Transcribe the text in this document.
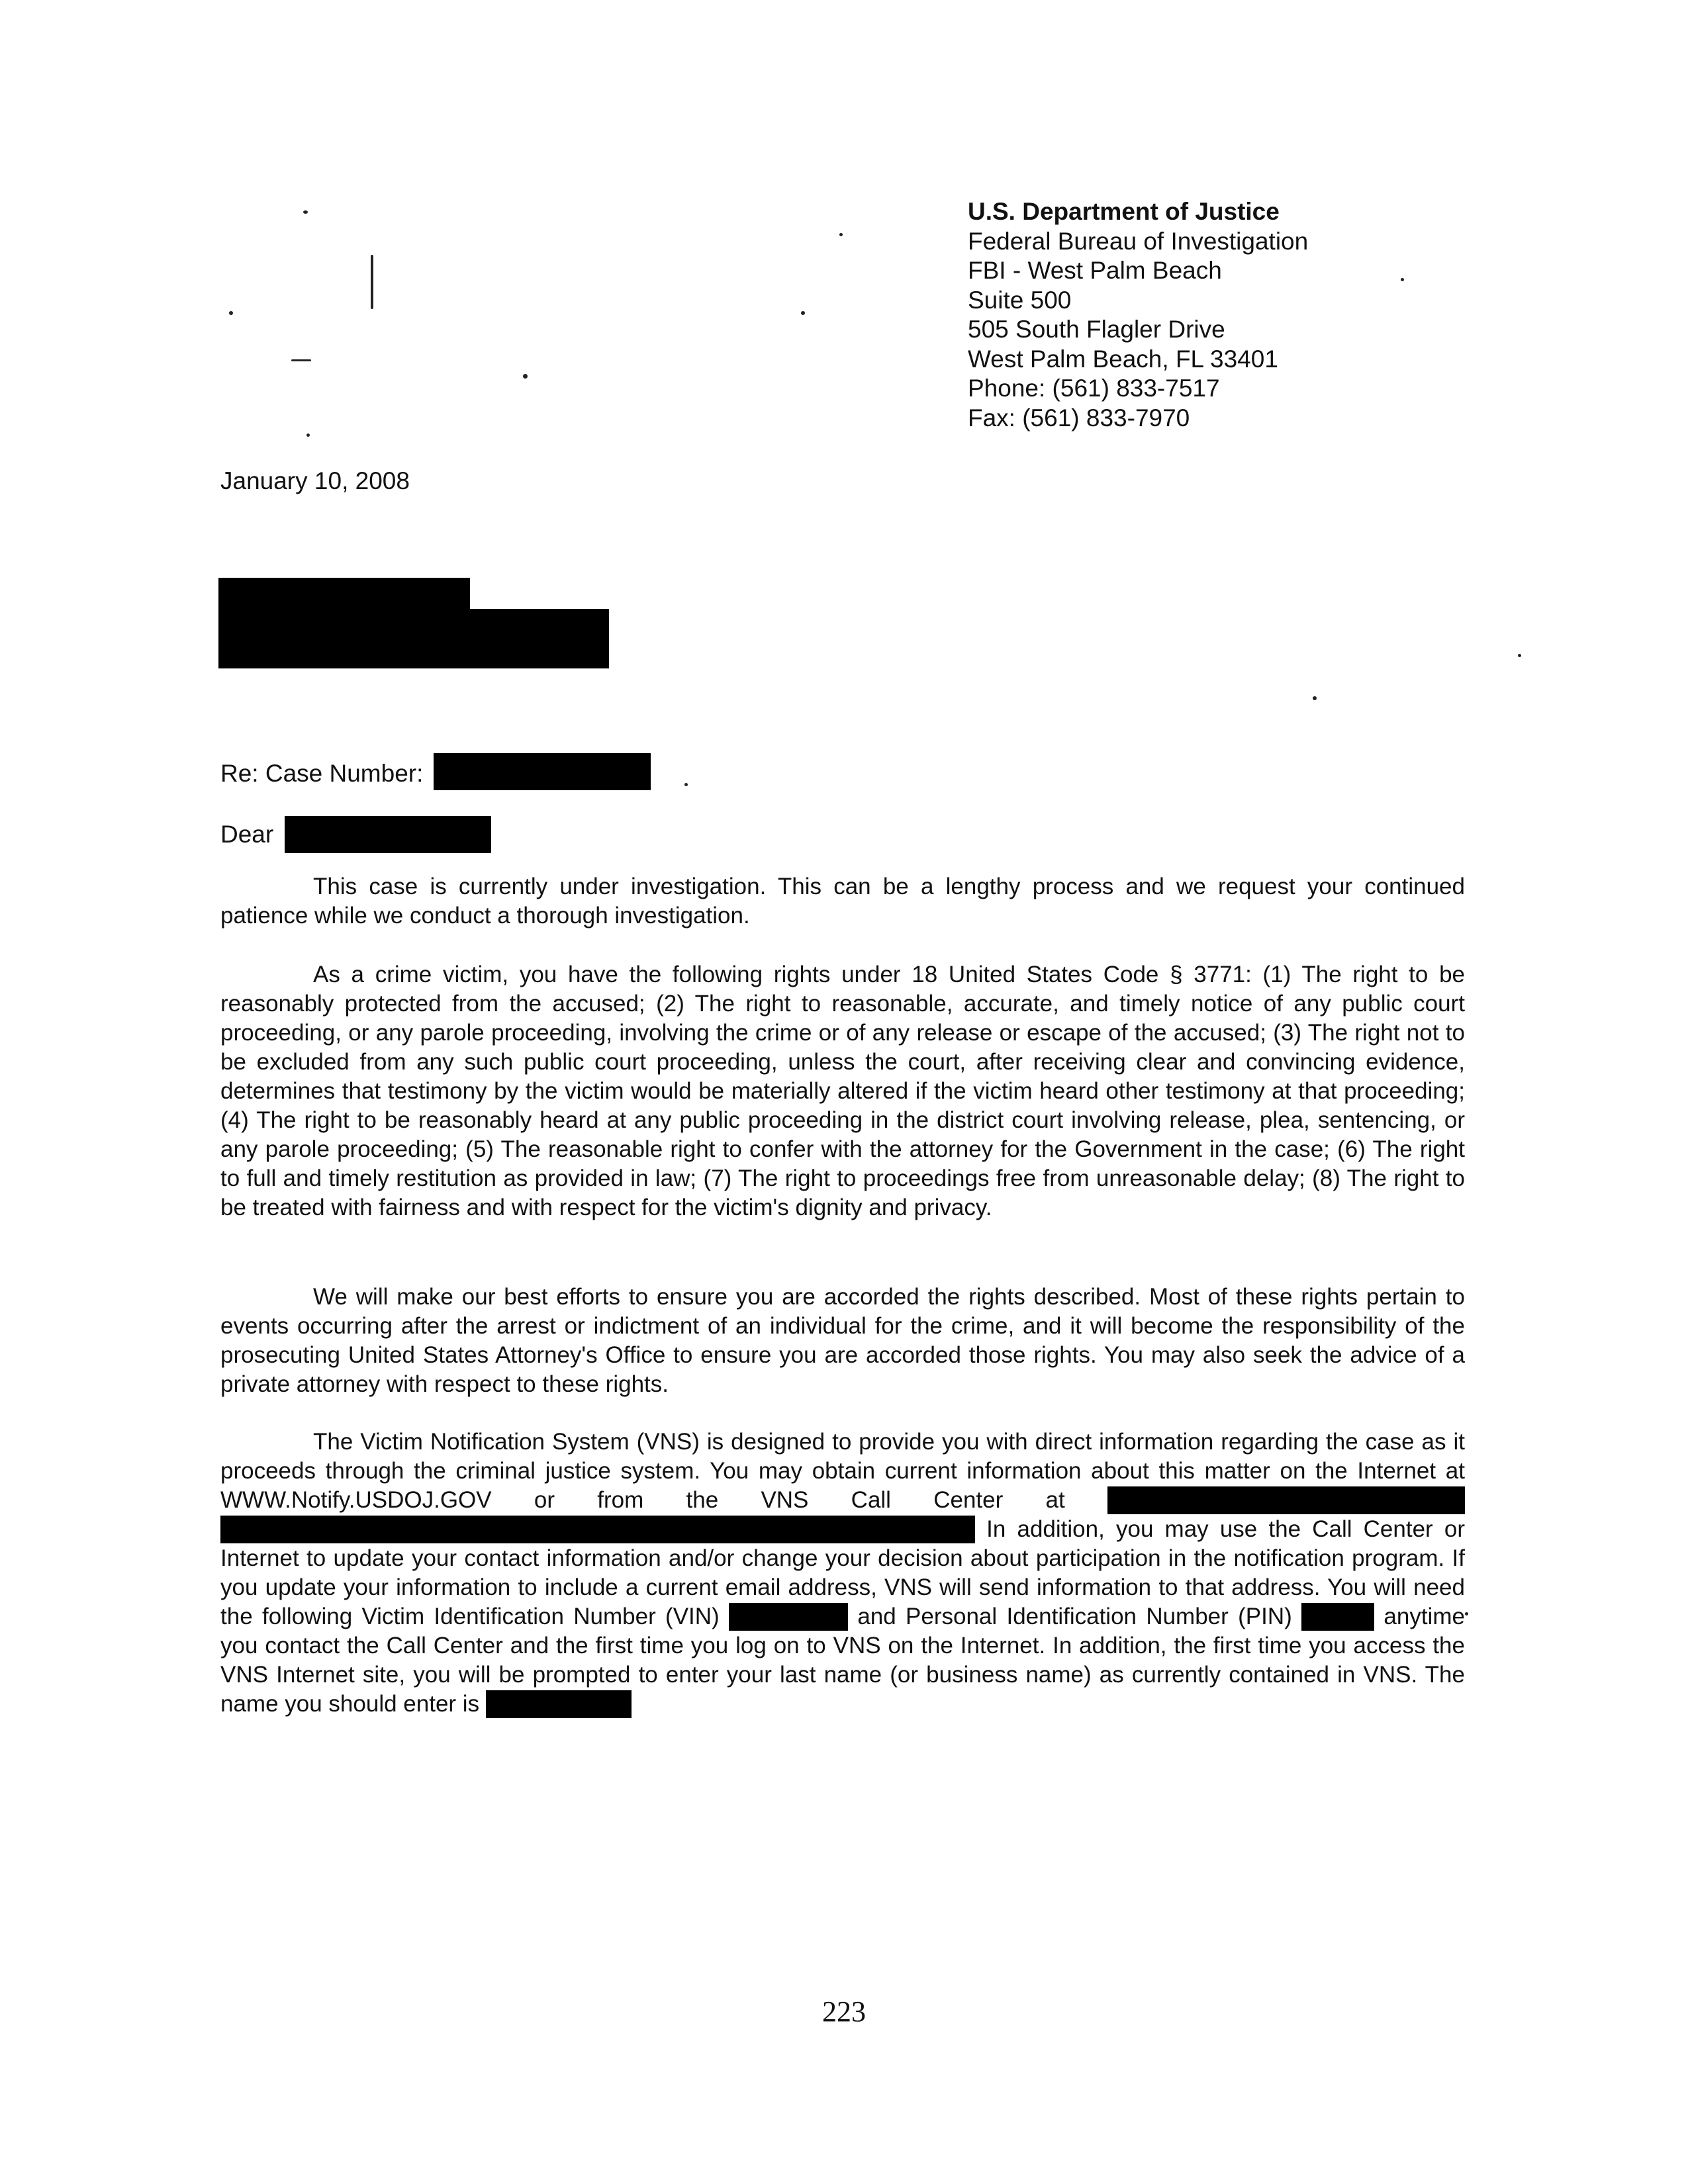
U.S. Department of Justice
Federal Bureau of Investigation
FBI - West Palm Beach
Suite 500
505 South Flagler Drive
West Palm Beach, FL 33401
Phone: (561) 833-7517
Fax: (561) 833-7970
January 10, 2008
Re: Case Number:
Dear
This case is currently under investigation. This can be a lengthy process and we request your continued patience while we conduct a thorough investigation.
As a crime victim, you have the following rights under 18 United States Code § 3771: (1) The right to be reasonably protected from the accused; (2) The right to reasonable, accurate, and timely notice of any public court proceeding, or any parole proceeding, involving the crime or of any release or escape of the accused; (3) The right not to be excluded from any such public court proceeding, unless the court, after receiving clear and convincing evidence, determines that testimony by the victim would be materially altered if the victim heard other testimony at that proceeding; (4) The right to be reasonably heard at any public proceeding in the district court involving release, plea, sentencing, or any parole proceeding; (5) The reasonable right to confer with the attorney for the Government in the case; (6) The right to full and timely restitution as provided in law; (7) The right to proceedings free from unreasonable delay; (8) The right to be treated with fairness and with respect for the victim's dignity and privacy.
We will make our best efforts to ensure you are accorded the rights described. Most of these rights pertain to events occurring after the arrest or indictment of an individual for the crime, and it will become the responsibility of the prosecuting United States Attorney's Office to ensure you are accorded those rights. You may also seek the advice of a private attorney with respect to these rights.
The Victim Notification System (VNS) is designed to provide you with direct information regarding the case as it proceeds through the criminal justice system. You may obtain current information about this matter on the Internet at WWW.Notify.USDOJ.GOV or from the VNS Call Center at   In addition, you may use the Call Center or Internet to update your contact information and/or change your decision about participation in the notification program. If you update your information to include a current email address, VNS will send information to that address. You will need the following Victim Identification Number (VIN)	and Personal Identification Number (PIN)	anytime you contact the Call Center and the first time you log on to VNS on the Internet. In addition, the first time you access the VNS Internet site, you will be prompted to enter your last name (or business name) as currently contained in VNS. The name you should enter is
223
